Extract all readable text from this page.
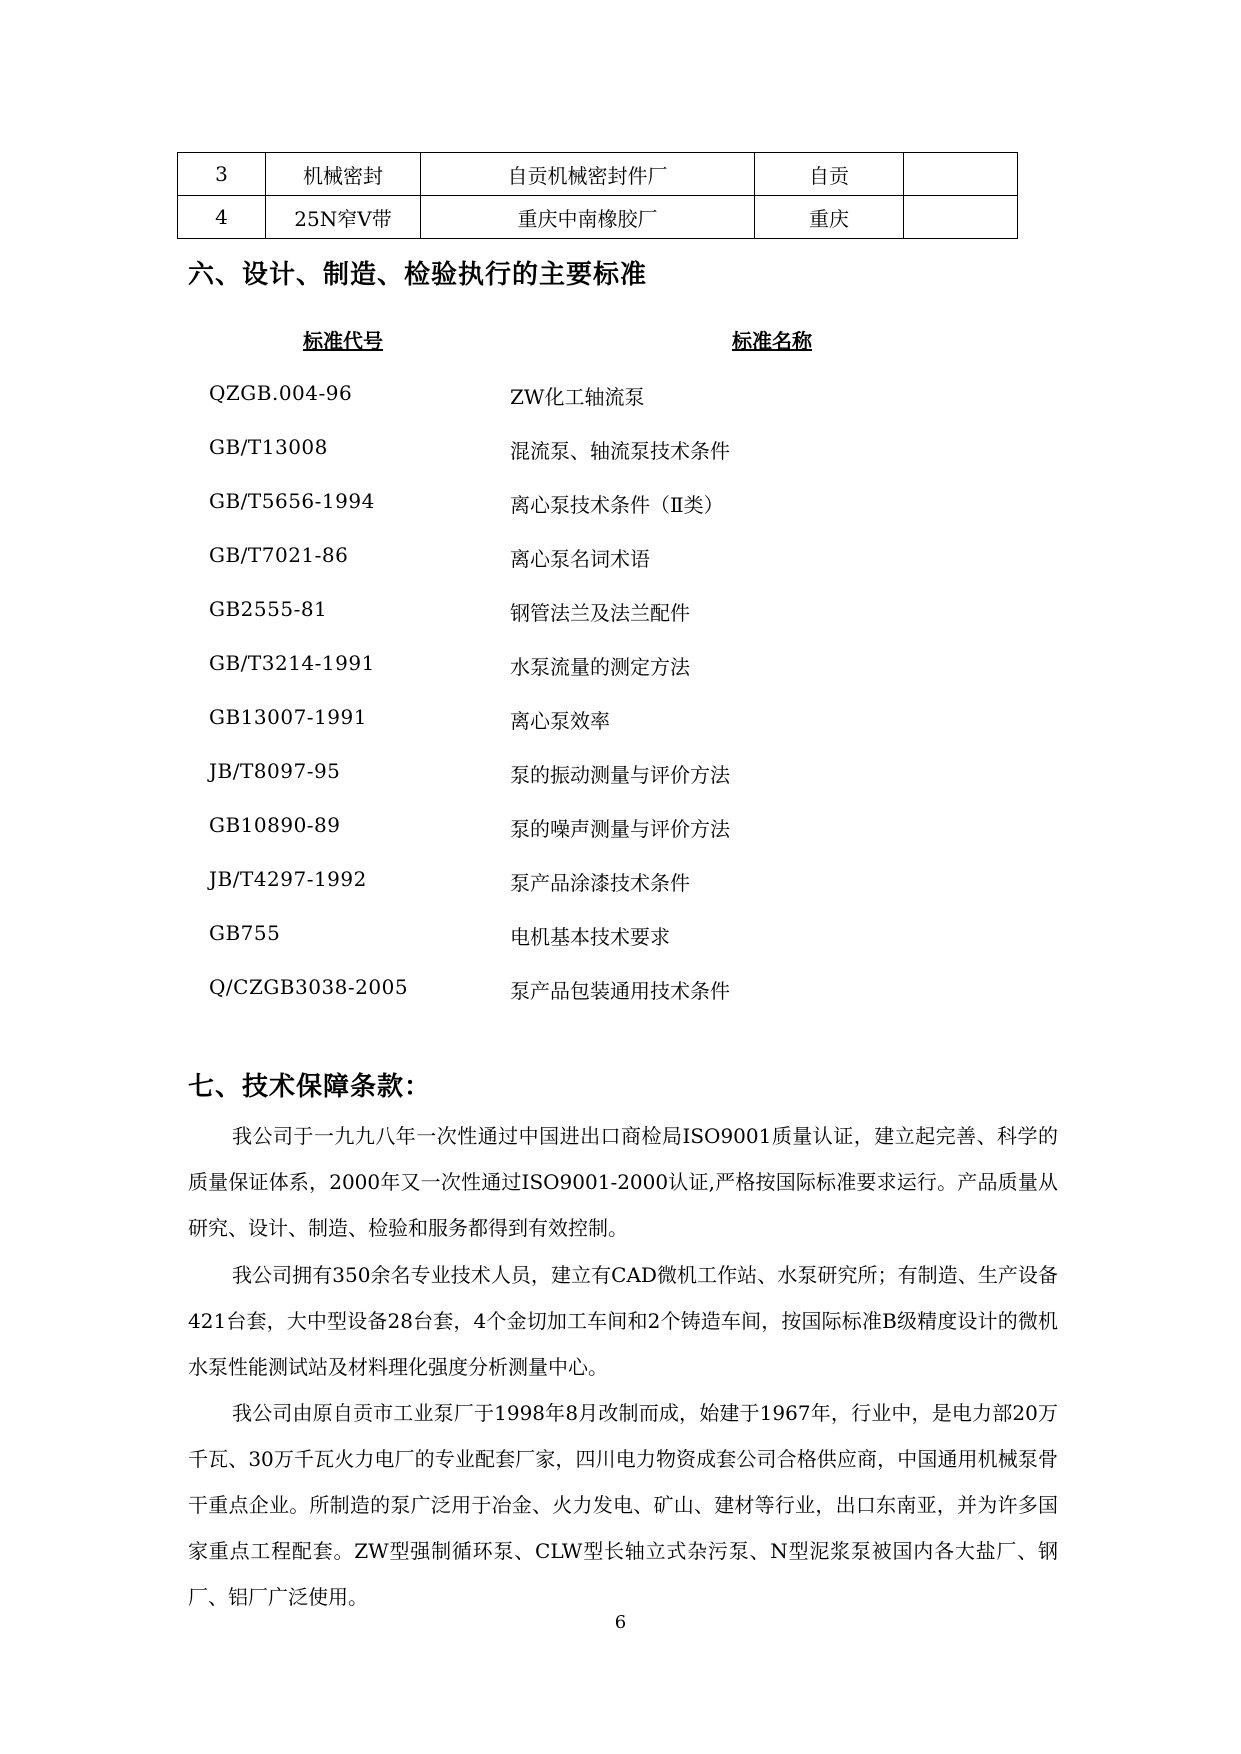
3	机械密封	自贡机械密封件厂	自贡	
4	25N窄V带	重庆中南橡胶厂	重庆	
六、设计、制造、检验执行的主要标准
标准代号	标准名称
QZGB.004-96	ZW化工轴流泵
GB/T13008	混流泵、轴流泵技术条件
GB/T5656-1994	离心泵技术条件（Ⅱ类）
GB/T7021-86	离心泵名词术语
GB2555-81	钢管法兰及法兰配件
GB/T3214-1991	水泵流量的测定方法
GB13007-1991	离心泵效率
JB/T8097-95	泵的振动测量与评价方法
GB10890-89	泵的噪声测量与评价方法
JB/T4297-1992	泵产品涂漆技术条件
GB755	电机基本技术要求
Q/CZGB3038-2005	泵产品包装通用技术条件
七、技术保障条款：
我公司于一九九八年一次性通过中国进出口商检局ISO9001质量认证，建立起完善、科学的质量保证体系，2000年又一次性通过ISO9001-2000认证,严格按国际标准要求运行。产品质量从研究、设计、制造、检验和服务都得到有效控制。
我公司拥有350余名专业技术人员，建立有CAD微机工作站、水泵研究所；有制造、生产设备421台套，大中型设备28台套，4个金切加工车间和2个铸造车间，按国际标准B级精度设计的微机水泵性能测试站及材料理化强度分析测量中心。
我公司由原自贡市工业泵厂于1998年8月改制而成，始建于1967年，行业中，是电力部20万千瓦、30万千瓦火力电厂的专业配套厂家，四川电力物资成套公司合格供应商，中国通用机械泵骨干重点企业。所制造的泵广泛用于冶金、火力发电、矿山、建材等行业，出口东南亚，并为许多国家重点工程配套。ZW型强制循环泵、CLW型长轴立式杂污泵、N型泥浆泵被国内各大盐厂、钢厂、铝厂广泛使用。
6
